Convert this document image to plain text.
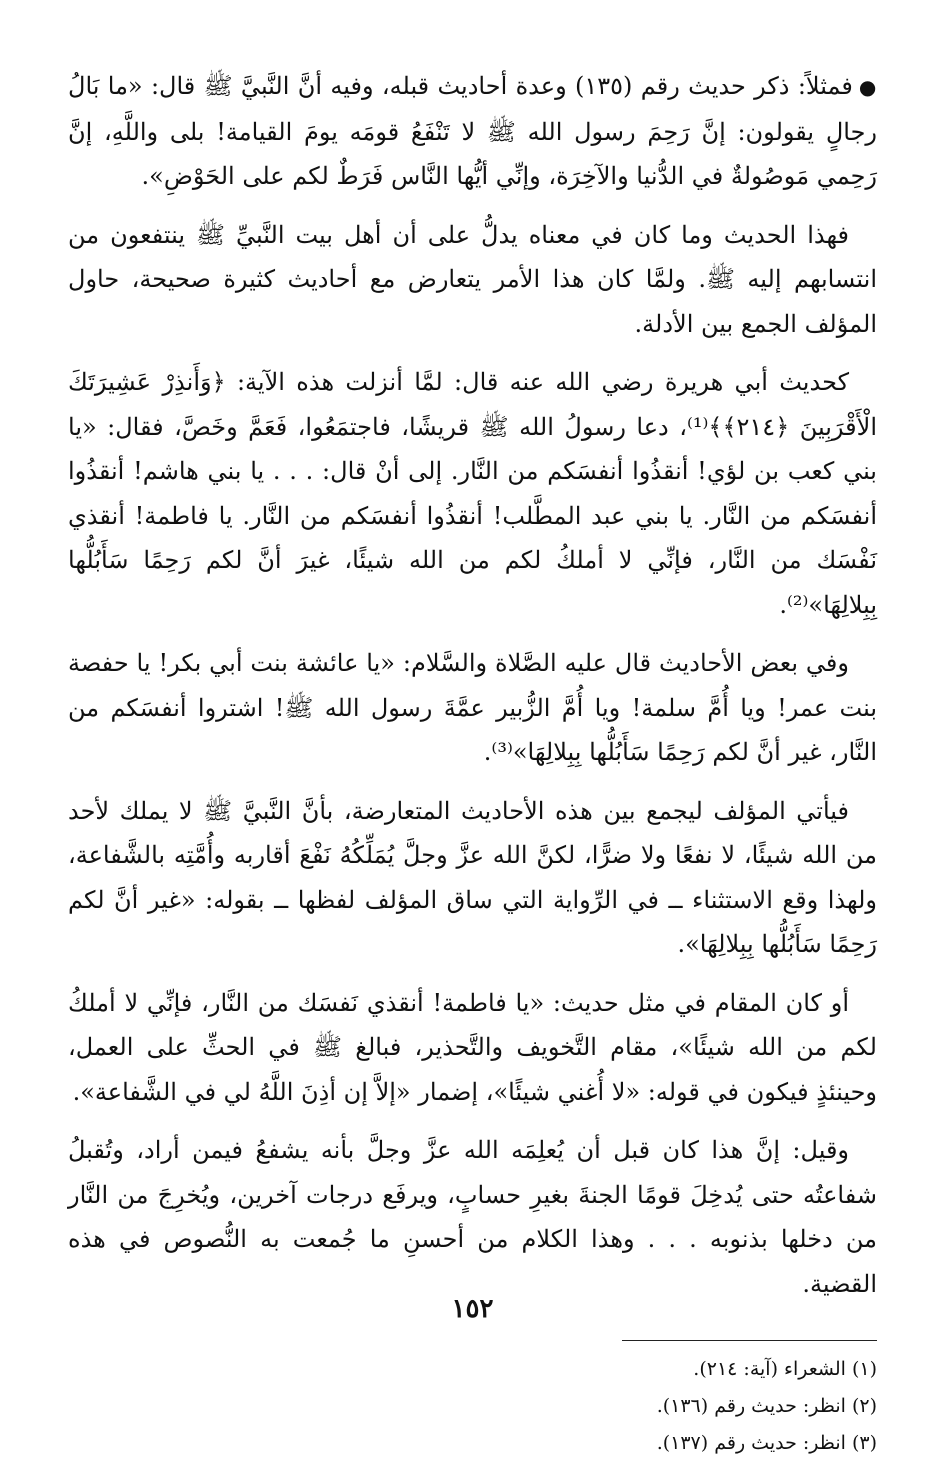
●فمثلاً: ذكر حديث رقم (١٣٥) وعدة أحاديث قبله، وفيه أنَّ النَّبيَّ ﷺ قال: «ما بَالُ رجالٍ يقولون: إنَّ رَحِمَ رسول الله ﷺ لا تَنْفَعُ قومَه يومَ القيامة! بلى واللَّهِ، إنَّ رَحِمي مَوصُولةٌ في الدُّنيا والآخِرَة، وإنِّي أيُّها النَّاس فَرَطٌ لكم على الحَوْضِ».

فهذا الحديث وما كان في معناه يدلُّ على أن أهل بيت النَّبيِّ ﷺ ينتفعون من انتسابهم إليه ﷺ. ولمَّا كان هذا الأمر يتعارض مع أحاديث كثيرة صحيحة، حاول المؤلف الجمع بين الأدلة.

كحديث أبي هريرة رضي الله عنه قال: لمَّا أنزلت هذه الآية: ﴿وَأَنذِرْ عَشِيرَتَكَ الْأَقْرَبِينَ ﴿٢١٤﴾﴾⁽¹⁾، دعا رسولُ الله ﷺ قريشًا، فاجتمَعُوا، فَعَمَّ وخَصَّ، فقال: «يا بني كعب بن لؤي! أنقذُوا أنفسَكم من النَّار. إلى أنْ قال: . . . يا بني هاشم! أنقذُوا أنفسَكم من النَّار. يا بني عبد المطَّلب! أنقذُوا أنفسَكم من النَّار. يا فاطمة! أنقذي نَفْسَك من النَّار، فإنِّي لا أملكُ لكم من الله شيئًا، غيرَ أنَّ لكم رَحِمًا سَأَبُلُّها بِبِلالِهَا»⁽²⁾.

وفي بعض الأحاديث قال عليه الصَّلاة والسَّلام: «يا عائشة بنت أبي بكر! يا حفصة بنت عمر! ويا أُمَّ سلمة! ويا أُمَّ الزُّبير عمَّةَ رسول الله ﷺ! اشتروا أنفسَكم من النَّار، غير أنَّ لكم رَحِمًا سَأَبُلُّها بِبِلالِهَا»⁽³⁾.

فيأتي المؤلف ليجمع بين هذه الأحاديث المتعارضة، بأنَّ النَّبيَّ ﷺ لا يملك لأحد من الله شيئًا، لا نفعًا ولا ضرًّا، لكنَّ الله عزَّ وجلَّ يُمَلِّكُهُ نَفْعَ أقاربه وأُمَّتِه بالشَّفاعة، ولهذا وقع الاستثناء ــ في الرِّواية التي ساق المؤلف لفظها ــ بقوله: «غير أنَّ لكم رَحِمًا سَأَبُلُّها بِبِلالِهَا».

أو كان المقام في مثل حديث: «يا فاطمة! أنقذي نَفسَك من النَّار، فإنِّي لا أملكُ لكم من الله شيئًا»، مقام التَّخويف والتَّحذير، فبالغ ﷺ في الحثِّ على العمل، وحينئذٍ فيكون في قوله: «لا أُغني شيئًا»، إضمار «إلاَّ إن أذِنَ اللَّهُ لي في الشَّفاعة».

وقيل: إنَّ هذا كان قبل أن يُعلِمَه الله عزَّ وجلَّ بأنه يشفعُ فيمن أراد، وتُقبلُ شفاعتُه حتى يُدخِلَ قومًا الجنةَ بغيرِ حسابٍ، ويرفَع درجات آخرين، ويُخرِجَ من النَّار من دخلها بذنوبه . . . وهذا الكلام من أحسنِ ما جُمعت به النُّصوص في هذه القضية.

(١) الشعراء (آية: ٢١٤).
(٢) انظر: حديث رقم (١٣٦).
(٣) انظر: حديث رقم (١٣٧).
١٥٢
